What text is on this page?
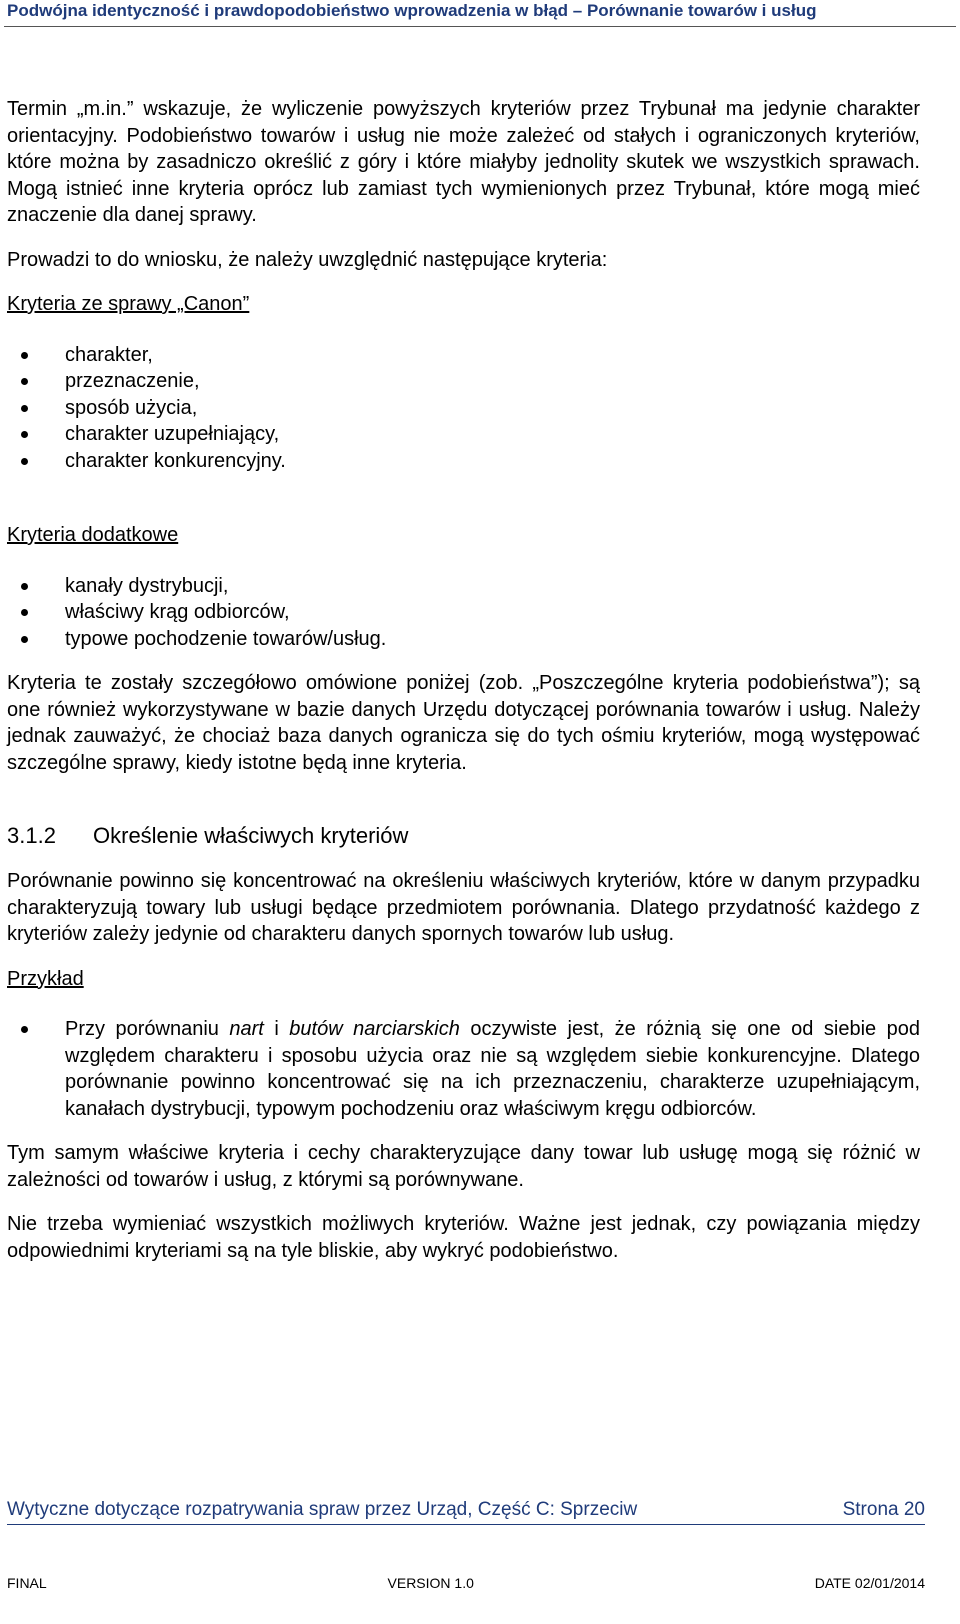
Podwójna identyczność i prawdopodobieństwo wprowadzenia w błąd – Porównanie towarów i usług

Termin „m.in.” wskazuje, że wyliczenie powyższych kryteriów przez Trybunał ma jedynie charakter orientacyjny. Podobieństwo towarów i usług nie może zależeć od stałych i ograniczonych kryteriów, które można by zasadniczo określić z góry i które miałyby jednolity skutek we wszystkich sprawach. Mogą istnieć inne kryteria oprócz lub zamiast tych wymienionych przez Trybunał, które mogą mieć znaczenie dla danej sprawy.

Prowadzi to do wniosku, że należy uwzględnić następujące kryteria:

Kryteria ze sprawy „Canon”

charakter,
przeznaczenie,
sposób użycia,
charakter uzupełniający,
charakter konkurencyjny.

Kryteria dodatkowe

kanały dystrybucji,
właściwy krąg odbiorców,
typowe pochodzenie towarów/usług.

Kryteria te zostały szczegółowo omówione poniżej (zob. „Poszczególne kryteria podobieństwa”); są one również wykorzystywane w bazie danych Urzędu dotyczącej porównania towarów i usług. Należy jednak zauważyć, że chociaż baza danych ogranicza się do tych ośmiu kryteriów, mogą występować szczególne sprawy, kiedy istotne będą inne kryteria.

3.1.2 Określenie właściwych kryteriów

Porównanie powinno się koncentrować na określeniu właściwych kryteriów, które w danym przypadku charakteryzują towary lub usługi będące przedmiotem porównania. Dlatego przydatność każdego z kryteriów zależy jedynie od charakteru danych spornych towarów lub usług.

Przykład

Przy porównaniu nart i butów narciarskich oczywiste jest, że różnią się one od siebie pod względem charakteru i sposobu użycia oraz nie są względem siebie konkurencyjne. Dlatego porównanie powinno koncentrować się na ich przeznaczeniu, charakterze uzupełniającym, kanałach dystrybucji, typowym pochodzeniu oraz właściwym kręgu odbiorców.

Tym samym właściwe kryteria i cechy charakteryzujące dany towar lub usługę mogą się różnić w zależności od towarów i usług, z którymi są porównywane.

Nie trzeba wymieniać wszystkich możliwych kryteriów. Ważne jest jednak, czy powiązania między odpowiednimi kryteriami są na tyle bliskie, aby wykryć podobieństwo.

Wytyczne dotyczące rozpatrywania spraw przez Urząd, Część C: Sprzeciw	Strona 20
FINAL	VERSION 1.0	DATE 02/01/2014
